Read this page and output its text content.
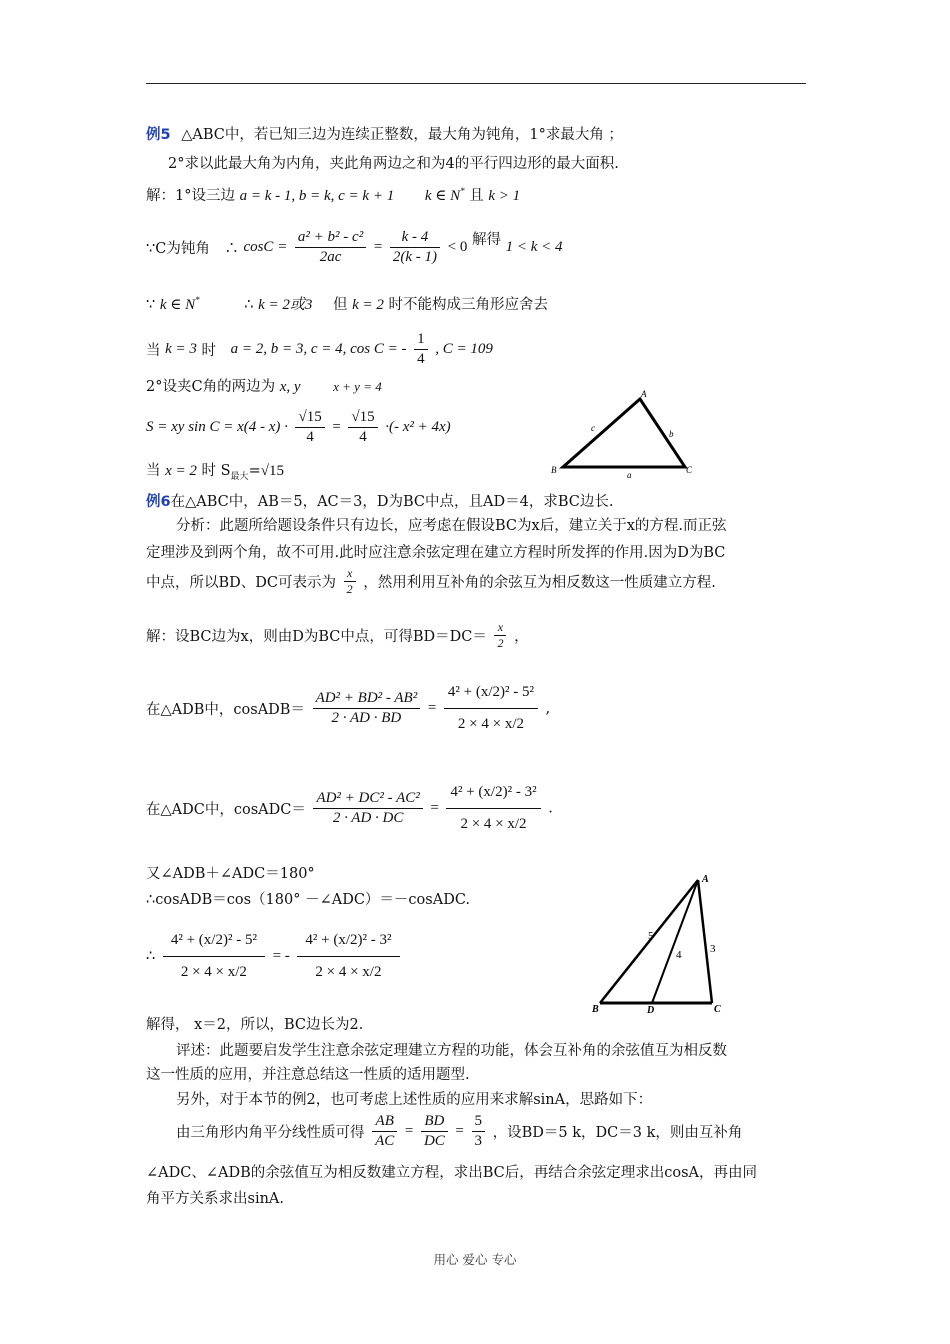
例5 △ABC中，若已知三边为连续正整数，最大角为钝角，1°求最大角 ；
2°求以此最大角为内角，夹此角两边之和为4的平行四边形的最大面积.
解：1°设三边 a = k - 1, b = k, c = k + 1 k ∈ N* 且 k > 1
∵C为钝角　∴ $\cos C = \frac{\text{a² + b² - c²}}{2ac} = \frac{k - 4}{2(k - 1)} < 0$ 解得 1 < k < 4
∵ k ∈ N*	∴ k = 2或3 但 k = 2 时不能构成三角形应舍去
当 k = 3 时 a = 2, b = 3, c = 4, cos C = - $\frac{1}{4}$ , C = 109
2°设夹C角的两边为 x, y	x + y = 4
S = xy $\sin C = x(4 - x) \cdot \frac{√15}{4} = \frac{√15}{4}$ ·(- x² + 4x)
当 x = 2 时 $S_{最大}=√15$
A
B	C
c
b
a
例6在△ABC中，AB＝5，AC＝3，D为BC中点，且AD＝4，求BC边长.
分析：此题所给题设条件只有边长，应考虑在假设BC为x后，建立关于x的方程.而正弦
定理涉及到两个角，故不可用.此时应注意余弦定理在建立方程时所发挥的作用.因为D为BC
中点，所以BD、DC可表示为 $\frac{x}{2}$ ，然用利用互补角的余弦互为相反数这一性质建立方程.
解：设BC边为x，则由D为BC中点，可得$BD=DC= \frac{x}{2}$ ，
在△ADB中，cosADB＝ $\frac{\text{AD² + BD² - AB²}}{2 \cdot AD \cdot BD} = \frac{\text{4² + (x/2)² - 5²}}{2 \times 4 \times x/2}$ ,
在△ADC中，cosADC＝ $\frac{\text{AD² + DC² - AC²}}{2 \cdot AD \cdot DC} = \frac{\text{4² + (x/2)² - 3²}}{2 \times 4 \times x/2}$ .
又∠ADB＋∠ADC＝180°
∴cosADB＝cos（180° －∠ADC）＝－cosADC.
∴ $\frac{\text{4² + (x/2)² - 5²}}{2 \times 4 \times x/2}$ = - $\frac{\text{4² + (x/2)² - 3²}}{2 \times 4 \times x/2}$
A
B	C
D
5
4	3
解得， x＝2，所以，BC边长为2.
评述：此题要启发学生注意余弦定理建立方程的功能，体会互补角的余弦值互为相反数
这一性质的应用，并注意总结这一性质的适用题型.
另外，对于本节的例2，也可考虑上述性质的应用来求解sinA，思路如下：
由三角形内角平分线性质可得 $\frac{AB}{AC} = \frac{BD}{DC} = \frac{5}{3}$ ，设BD＝5 k，DC＝3 k，则由互补角
∠ADC、∠ADB的余弦值互为相反数建立方程，求出BC后，再结合余弦定理求出cosA，再由同
角平方关系求出sinA.
用心 爱心 专心
